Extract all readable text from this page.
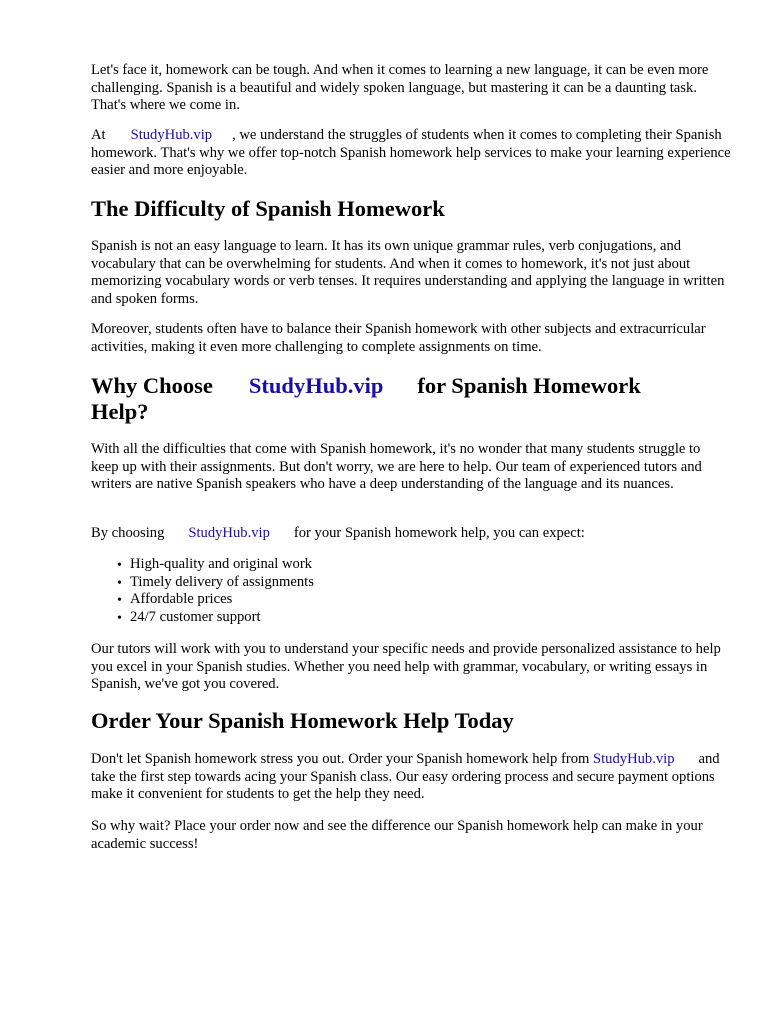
Let's face it, homework can be tough. And when it comes to learning a new language, it can be even more challenging. Spanish is a beautiful and widely spoken language, but mastering it can be a daunting task. That's where we come in.

At StudyHub.vip , we understand the struggles of students when it comes to completing their Spanish homework. That's why we offer top-notch Spanish homework help services to make your learning experience easier and more enjoyable.

The Difficulty of Spanish Homework

Spanish is not an easy language to learn. It has its own unique grammar rules, verb conjugations, and vocabulary that can be overwhelming for students. And when it comes to homework, it's not just about memorizing vocabulary words or verb tenses. It requires understanding and applying the language in written and spoken forms.

Moreover, students often have to balance their Spanish homework with other subjects and extracurricular activities, making it even more challenging to complete assignments on time.

Why Choose StudyHub.vip for Spanish Homework Help?

With all the difficulties that come with Spanish homework, it's no wonder that many students struggle to keep up with their assignments. But don't worry, we are here to help. Our team of experienced tutors and writers are native Spanish speakers who have a deep understanding of the language and its nuances.

By choosing StudyHub.vip for your Spanish homework help, you can expect:

• High-quality and original work
• Timely delivery of assignments
• Affordable prices
• 24/7 customer support

Our tutors will work with you to understand your specific needs and provide personalized assistance to help you excel in your Spanish studies. Whether you need help with grammar, vocabulary, or writing essays in Spanish, we've got you covered.

Order Your Spanish Homework Help Today

Don't let Spanish homework stress you out. Order your Spanish homework help from StudyHub.vip and take the first step towards acing your Spanish class. Our easy ordering process and secure payment options make it convenient for students to get the help they need.

So why wait? Place your order now and see the difference our Spanish homework help can make in your academic success!
